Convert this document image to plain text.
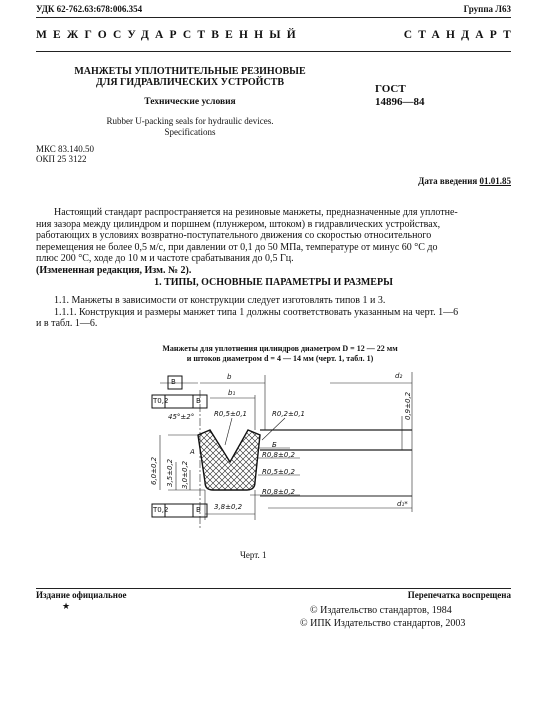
УДК 62-762.63:678:006.354	Группа Л63
МЕЖГОСУДАРСТВЕННЫЙ	СТАНДАРТ
МАНЖЕТЫ УПЛОТНИТЕЛЬНЫЕ РЕЗИНОВЫЕ
ДЛЯ ГИДРАВЛИЧЕСКИХ УСТРОЙСТВ
Технические условия
Rubber U-packing seals for hydraulic devices.
Specifications
ГОСТ
14896—84
МКС 83.140.50
ОКП 25 3122
Дата введения 01.01.85
Настоящий стандарт распространяется на резиновые манжеты, предназначенные для уплотне-
ния зазора между цилиндром и поршнем (плунжером, штоком) в гидравлических устройствах,
работающих в условиях возвратно-поступательного движения со скоростью относительного
перемещения не более 0,5 м/с, при давлении от 0,1 до 50 МПа, температуре от минус 60 °С до
плюс 200 °С, ходе до 10 м и частоте срабатывания до 0,5 Гц.
(Измененная редакция, Изм. № 2).
1. ТИПЫ, ОСНОВНЫЕ ПАРАМЕТРЫ И РАЗМЕРЫ
1.1. Манжеты в зависимости от конструкции следует изготовлять типов 1 и 3.
1.1.1. Конструкция и размеры манжет типа 1 должны соответствовать указанным на черт. 1—6
и в табл. 1—6.
Манжеты для уплотнения цилиндров диаметром D = 12 — 22 мм
и штоков диаметром d = 4 — 14 мм (черт. 1, табл. 1)
B
b	d₂
b₁
T0,2	B
45°±2°	R0,5±0,1	R0,2±0,1	0,9±0,2
A
Б
R0,8±0,2
R0,5±0,2
R0,8±0,2
6,0±0,2 3,5±0,2 3,0±0,2
T0,2	B 3,8±0,2	d₁*
Черт. 1
Издание официальное
★
Перепечатка воспрещена
© Издательство стандартов, 1984
© ИПК Издательство стандартов, 2003
